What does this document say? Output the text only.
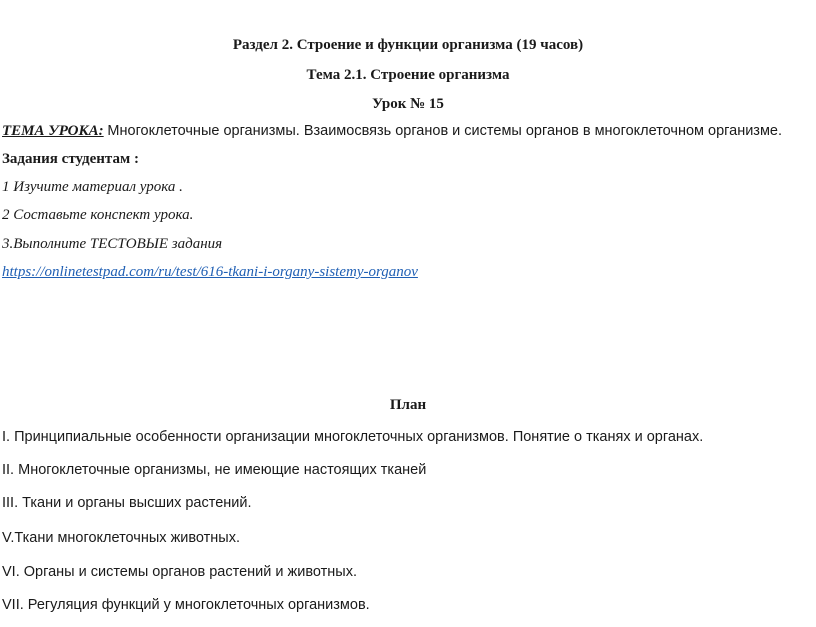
Раздел 2. Строение и функции организма (19 часов)
Тема 2.1. Строение организма
Урок № 15
ТЕМА УРОКА: Многоклеточные организмы. Взаимосвязь органов и системы органов в многоклеточном организме.
Задания студентам :
1 Изучите материал урока .
2 Составьте конспект урока.
3.Выполните ТЕСТОВЫЕ задания
https://onlinetestpad.com/ru/test/616-tkani-i-organy-sistemy-organov
План
I. Принципиальные особенности организации многоклеточных организмов. Понятие о тканях и органах.
II. Многоклеточные организмы, не имеющие настоящих тканей
III. Ткани и органы высших растений.
V.Ткани многоклеточных животных.
VI. Органы и системы органов растений и животных.
VII. Регуляция функций у многоклеточных организмов.
